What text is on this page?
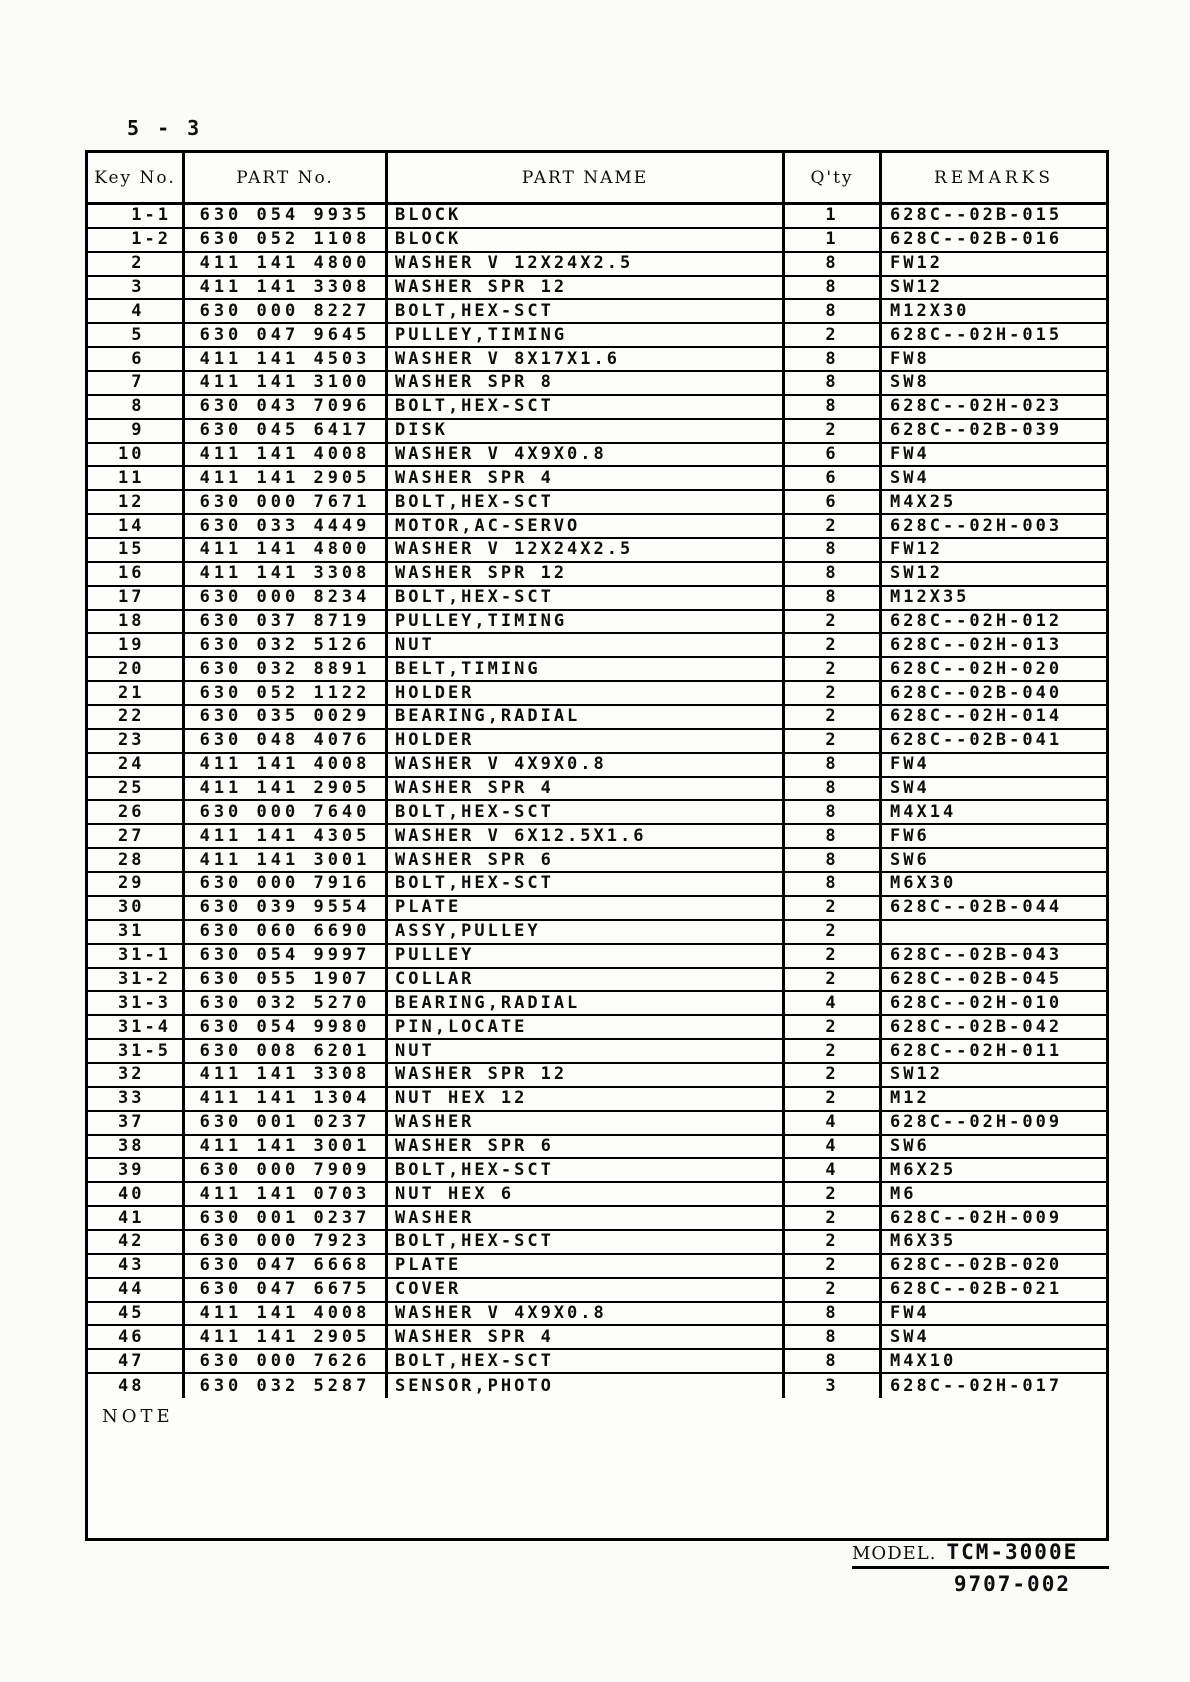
5 - 3
Key No.	PART No.	PART NAME	Q'ty	REMARKS
1-1	630 054 9935	BLOCK	1	628C--02B-015
1-2	630 052 1108	BLOCK	1	628C--02B-016
2	411 141 4800	WASHER V 12X24X2.5	8	FW12
3	411 141 3308	WASHER SPR 12	8	SW12
4	630 000 8227	BOLT,HEX-SCT	8	M12X30
5	630 047 9645	PULLEY,TIMING	2	628C--02H-015
6	411 141 4503	WASHER V 8X17X1.6	8	FW8
7	411 141 3100	WASHER SPR 8	8	SW8
8	630 043 7096	BOLT,HEX-SCT	8	628C--02H-023
9	630 045 6417	DISK	2	628C--02B-039
10	411 141 4008	WASHER V 4X9X0.8	6	FW4
11	411 141 2905	WASHER SPR 4	6	SW4
12	630 000 7671	BOLT,HEX-SCT	6	M4X25
14	630 033 4449	MOTOR,AC-SERVO	2	628C--02H-003
15	411 141 4800	WASHER V 12X24X2.5	8	FW12
16	411 141 3308	WASHER SPR 12	8	SW12
17	630 000 8234	BOLT,HEX-SCT	8	M12X35
18	630 037 8719	PULLEY,TIMING	2	628C--02H-012
19	630 032 5126	NUT	2	628C--02H-013
20	630 032 8891	BELT,TIMING	2	628C--02H-020
21	630 052 1122	HOLDER	2	628C--02B-040
22	630 035 0029	BEARING,RADIAL	2	628C--02H-014
23	630 048 4076	HOLDER	2	628C--02B-041
24	411 141 4008	WASHER V 4X9X0.8	8	FW4
25	411 141 2905	WASHER SPR 4	8	SW4
26	630 000 7640	BOLT,HEX-SCT	8	M4X14
27	411 141 4305	WASHER V 6X12.5X1.6	8	FW6
28	411 141 3001	WASHER SPR 6	8	SW6
29	630 000 7916	BOLT,HEX-SCT	8	M6X30
30	630 039 9554	PLATE	2	628C--02B-044
31	630 060 6690	ASSY,PULLEY	2
31-1	630 054 9997	PULLEY	2	628C--02B-043
31-2	630 055 1907	COLLAR	2	628C--02B-045
31-3	630 032 5270	BEARING,RADIAL	4	628C--02H-010
31-4	630 054 9980	PIN,LOCATE	2	628C--02B-042
31-5	630 008 6201	NUT	2	628C--02H-011
32	411 141 3308	WASHER SPR 12	2	SW12
33	411 141 1304	NUT HEX 12	2	M12
37	630 001 0237	WASHER	4	628C--02H-009
38	411 141 3001	WASHER SPR 6	4	SW6
39	630 000 7909	BOLT,HEX-SCT	4	M6X25
40	411 141 0703	NUT HEX 6	2	M6
41	630 001 0237	WASHER	2	628C--02H-009
42	630 000 7923	BOLT,HEX-SCT	2	M6X35
43	630 047 6668	PLATE	2	628C--02B-020
44	630 047 6675	COVER	2	628C--02B-021
45	411 141 4008	WASHER V 4X9X0.8	8	FW4
46	411 141 2905	WASHER SPR 4	8	SW4
47	630 000 7626	BOLT,HEX-SCT	8	M4X10
48	630 032 5287	SENSOR,PHOTO	3	628C--02H-017
NOTE
MODEL. TCM-3000E
9707-002
